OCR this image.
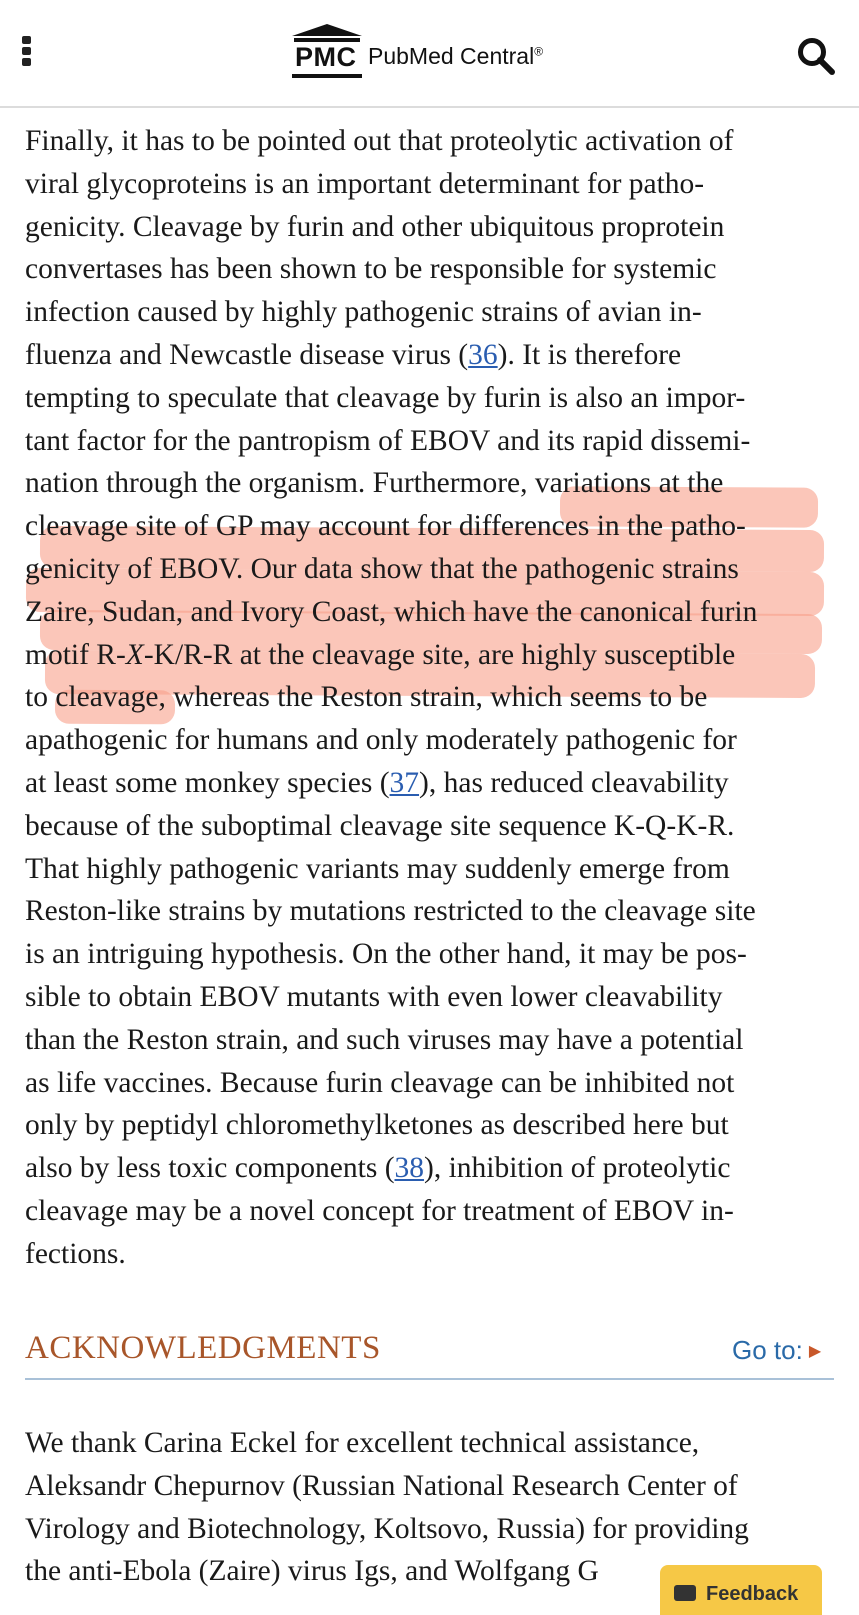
PMC PubMed Central®
Finally, it has to be pointed out that proteolytic activation of
viral glycoproteins is an important determinant for patho-
genicity. Cleavage by furin and other ubiquitous proprotein
convertases has been shown to be responsible for systemic
infection caused by highly pathogenic strains of avian in-
fluenza and Newcastle disease virus (36). It is therefore
tempting to speculate that cleavage by furin is also an impor-
tant factor for the pantropism of EBOV and its rapid dissemi-
nation through the organism. Furthermore, variations at the
cleavage site of GP may account for differences in the patho-
genicity of EBOV. Our data show that the pathogenic strains
Zaire, Sudan, and Ivory Coast, which have the canonical furin
motif R-X-K/R-R at the cleavage site, are highly susceptible
to cleavage, whereas the Reston strain, which seems to be
apathogenic for humans and only moderately pathogenic for
at least some monkey species (37), has reduced cleavability
because of the suboptimal cleavage site sequence K-Q-K-R.
That highly pathogenic variants may suddenly emerge from
Reston-like strains by mutations restricted to the cleavage site
is an intriguing hypothesis. On the other hand, it may be pos-
sible to obtain EBOV mutants with even lower cleavability
than the Reston strain, and such viruses may have a potential
as life vaccines. Because furin cleavage can be inhibited not
only by peptidyl chloromethylketones as described here but
also by less toxic components (38), inhibition of proteolytic
cleavage may be a novel concept for treatment of EBOV in-
fections.
ACKNOWLEDGMENTS	Go to: ▶
We thank Carina Eckel for excellent technical assistance,
Aleksandr Chepurnov (Russian National Research Center of
Virology and Biotechnology, Koltsovo, Russia) for providing
the anti-Ebola (Zaire) virus Igs, and Wolfgang G
Feedback
